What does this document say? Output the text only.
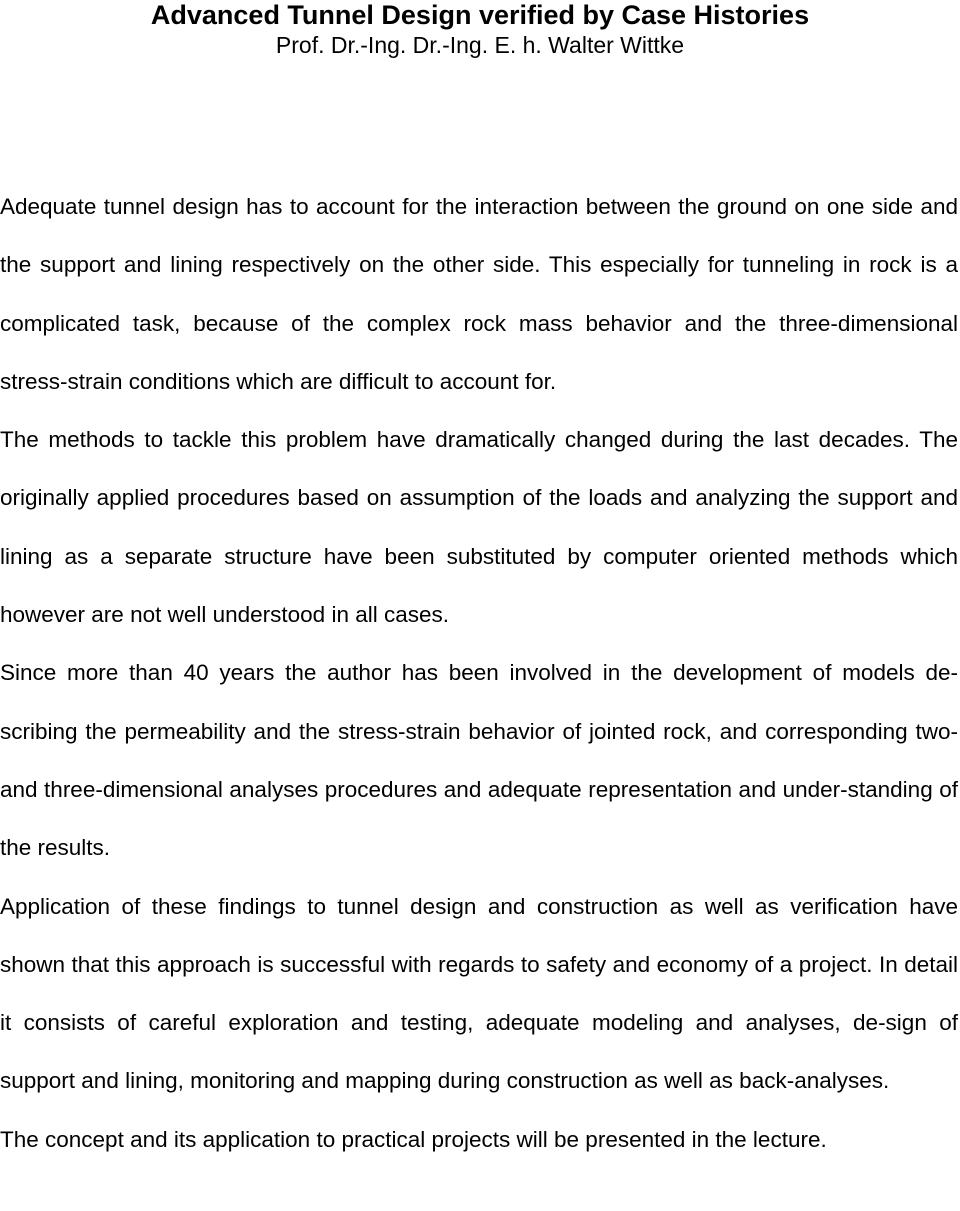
Advanced Tunnel Design verified by Case Histories
Prof. Dr.-Ing. Dr.-Ing. E. h. Walter Wittke

Adequate tunnel design has to account for the interaction between the ground on one side and the support and lining respectively on the other side. This especially for tunneling in rock is a complicated task, because of the complex rock mass behavior and the three-dimensional stress-strain conditions which are difficult to account for.

The methods to tackle this problem have dramatically changed during the last decades. The originally applied procedures based on assumption of the loads and analyzing the support and lining as a separate structure have been substituted by computer oriented methods which however are not well understood in all cases.

Since more than 40 years the author has been involved in the development of models de-scribing the permeability and the stress-strain behavior of jointed rock, and corresponding two- and three-dimensional analyses procedures and adequate representation and under-standing of the results.

Application of these findings to tunnel design and construction as well as verification have shown that this approach is successful with regards to safety and economy of a project. In detail it consists of careful exploration and testing, adequate modeling and analyses, de-sign of support and lining, monitoring and mapping during construction as well as back-analyses.

The concept and its application to practical projects will be presented in the lecture.
